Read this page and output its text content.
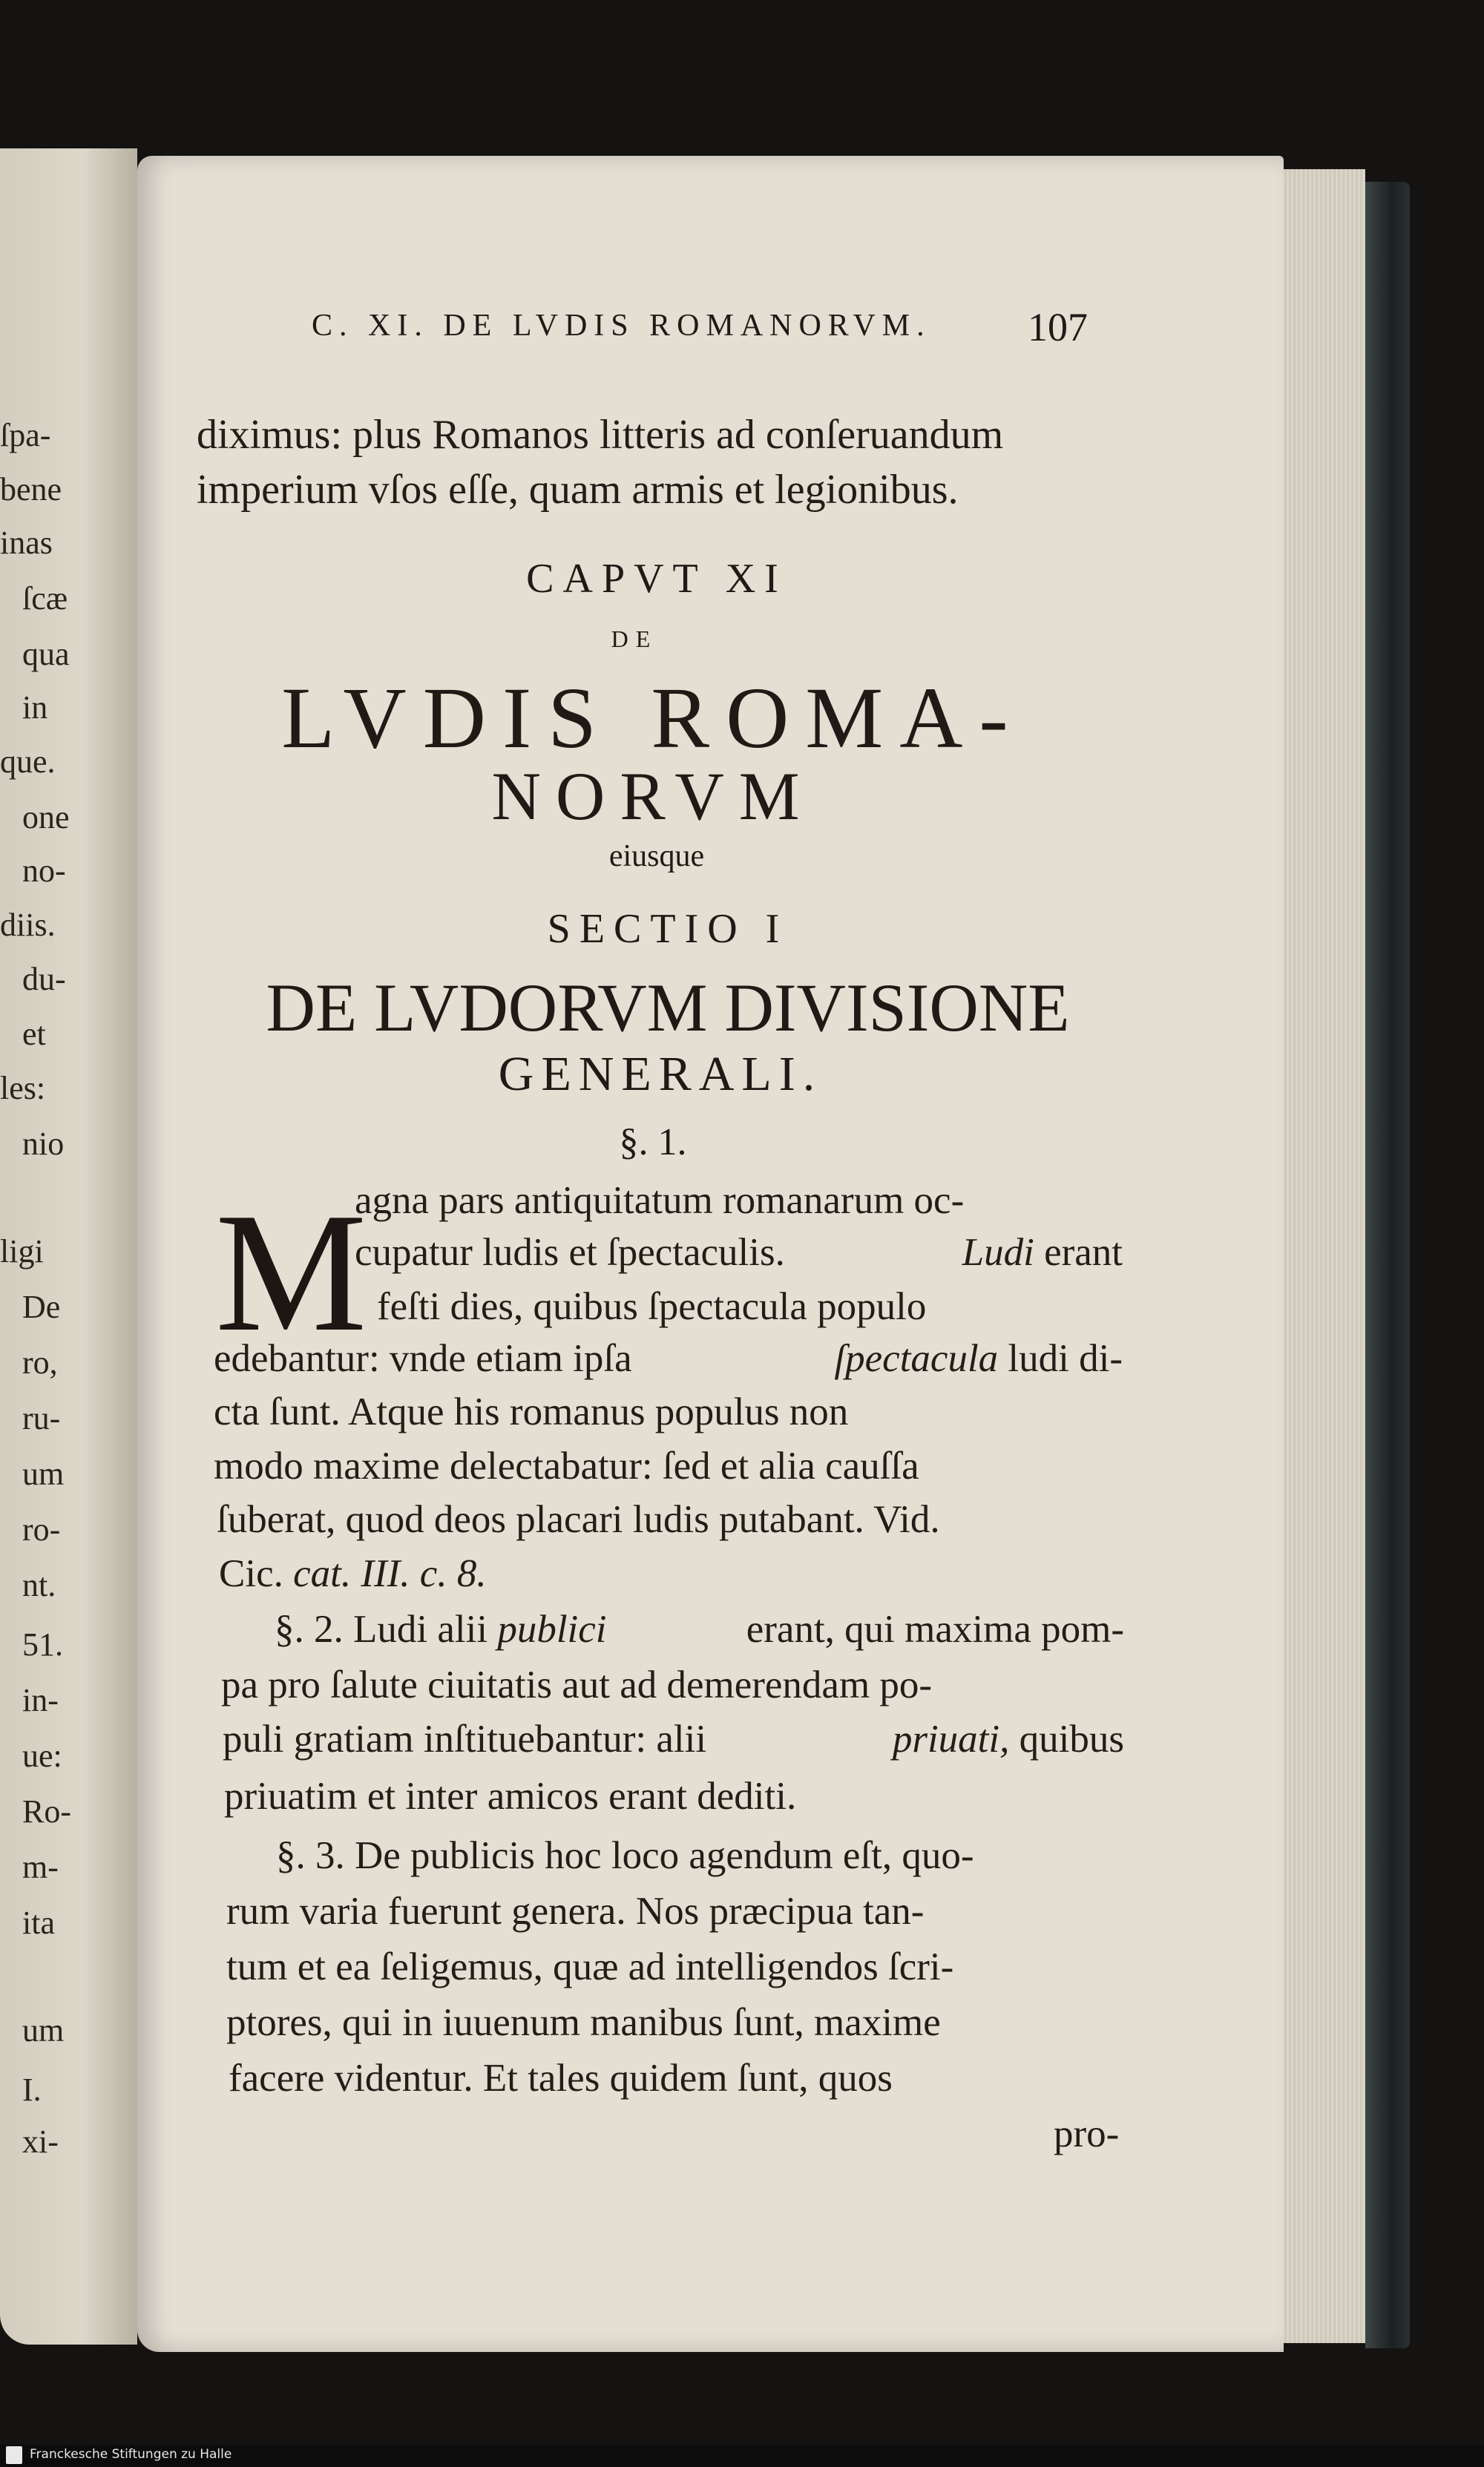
ſpa-
bene
inas
ſcæ
qua
in
que.
one
no-
diis.
du-
et
les:
nio
ligi
De
ro,
ru-
um
ro-
nt.
51.
in-
ue:
Ro-
m-
ita
um
I.
xi-
C. XI. DE LVDIS ROMANORVM.	107
diximus: plus Romanos litteris ad conſeruandum
imperium vſos eſſe, quam armis et legionibus.
CAPVT XI
DE
LVDIS ROMA-
NORVM
eiusque
SECTIO I
DE LVDORVM DIVISIONE
GENERALI.
§. 1.
M
agna pars antiquitatum romanarum oc-
cupatur ludis et ſpectaculis.	Ludi erant
feſti dies, quibus ſpectacula populo
edebantur: vnde etiam ipſa	ſpectacula ludi di-
cta ſunt. Atque his romanus populus non
modo maxime delectabatur: ſed et alia cauſſa
ſuberat, quod deos placari ludis putabant. Vid.
Cic. cat. III. c. 8.
§. 2. Ludi alii publici	erant, qui maxima pom-
pa pro ſalute ciuitatis aut ad demerendam po-
puli gratiam inſtituebantur: alii	priuati, quibus
priuatim et inter amicos erant dediti.
§. 3. De publicis hoc loco agendum eſt, quo-
rum varia fuerunt genera. Nos præcipua tan-
tum et ea ſeligemus, quæ ad intelligendos ſcri-
ptores, qui in iuuenum manibus ſunt, maxime
facere videntur. Et tales quidem ſunt, quos
pro-
Franckesche Stiftungen zu Halle
